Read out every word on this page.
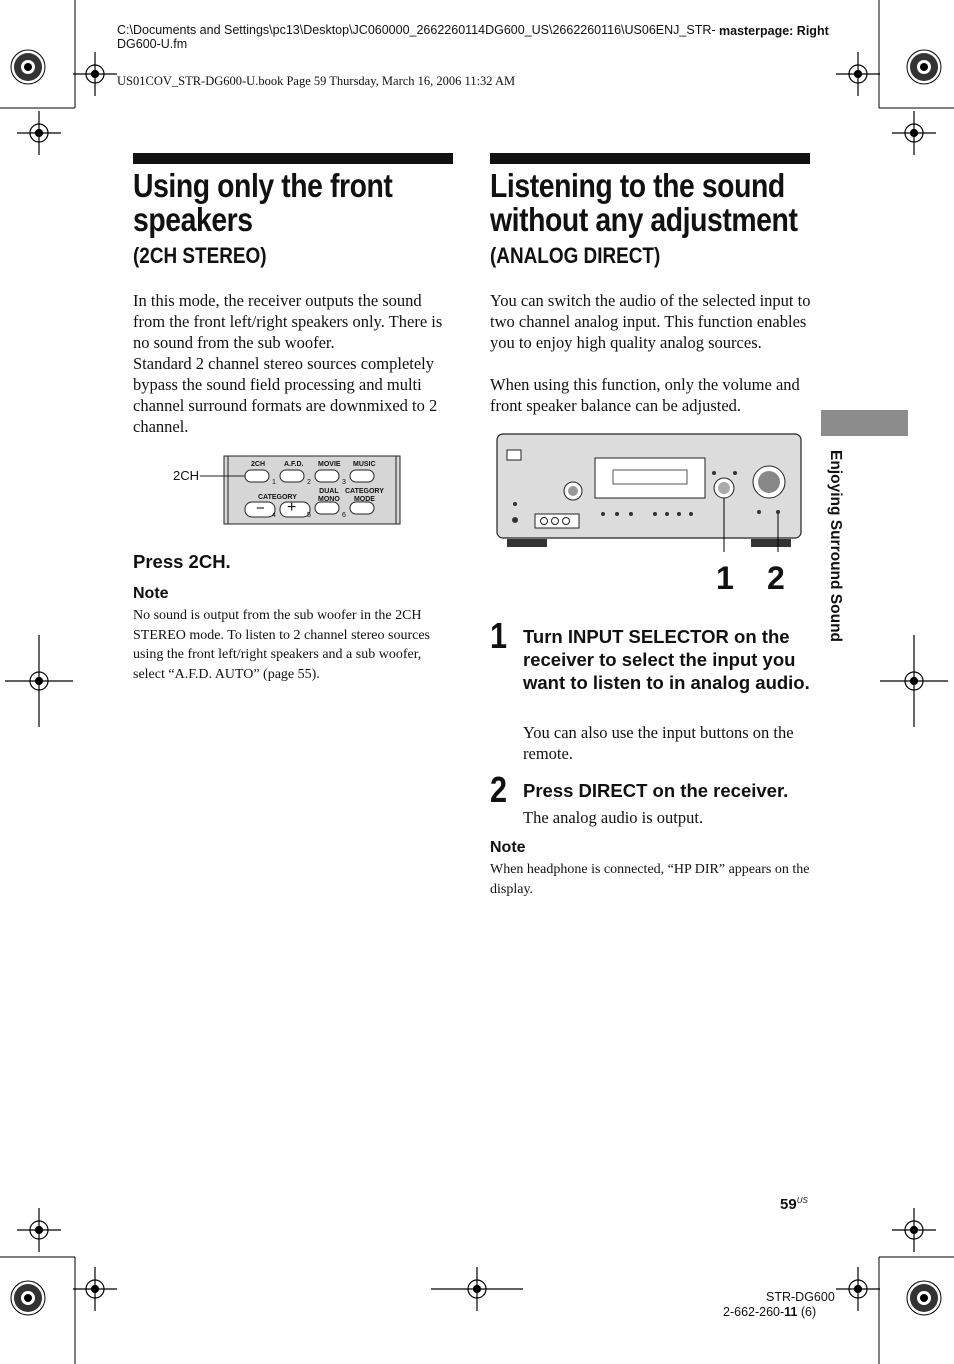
C:\Documents and Settings\pc13\Desktop\JC060000_2662260114DG600_US\2662260116\US06ENJ_STR-DG600-U.fm
masterpage: Right
US01COV_STR-DG600-U.book Page 59 Thursday, March 16, 2006 11:32 AM
Using only the front
speakers
(2CH STEREO)
In this mode, the receiver outputs the sound from the front left/right speakers only. There is no sound from the sub woofer.
Standard 2 channel stereo sources completely bypass the sound field processing and multi channel surround formats are downmixed to 2 channel.
2CH
2CH	A.F.D. MOVIE MUSIC
CATEGORY
DUAL
MONO
CATEGORY
MODE
− +
1	2	3
4	5	6
Press 2CH.
Note
No sound is output from the sub woofer in the 2CH STEREO mode. To listen to 2 channel stereo sources using the front left/right speakers and a sub woofer, select “A.F.D. AUTO” (page 55).
Listening to the sound
without any adjustment
(ANALOG DIRECT)
You can switch the audio of the selected input to two channel analog input. This function enables you to enjoy high quality analog sources.
When using this function, only the volume and front speaker balance can be adjusted.
1 2
1 Turn INPUT SELECTOR on the receiver to select the input you want to listen to in analog audio.
You can also use the input buttons on the remote.
2 Press DIRECT on the receiver.
The analog audio is output.
Note
When headphone is connected, “HP DIR” appears on the display.
Enjoying Surround Sound
$59^{US}$
STR-DG600
2-662-260-11 (6)
